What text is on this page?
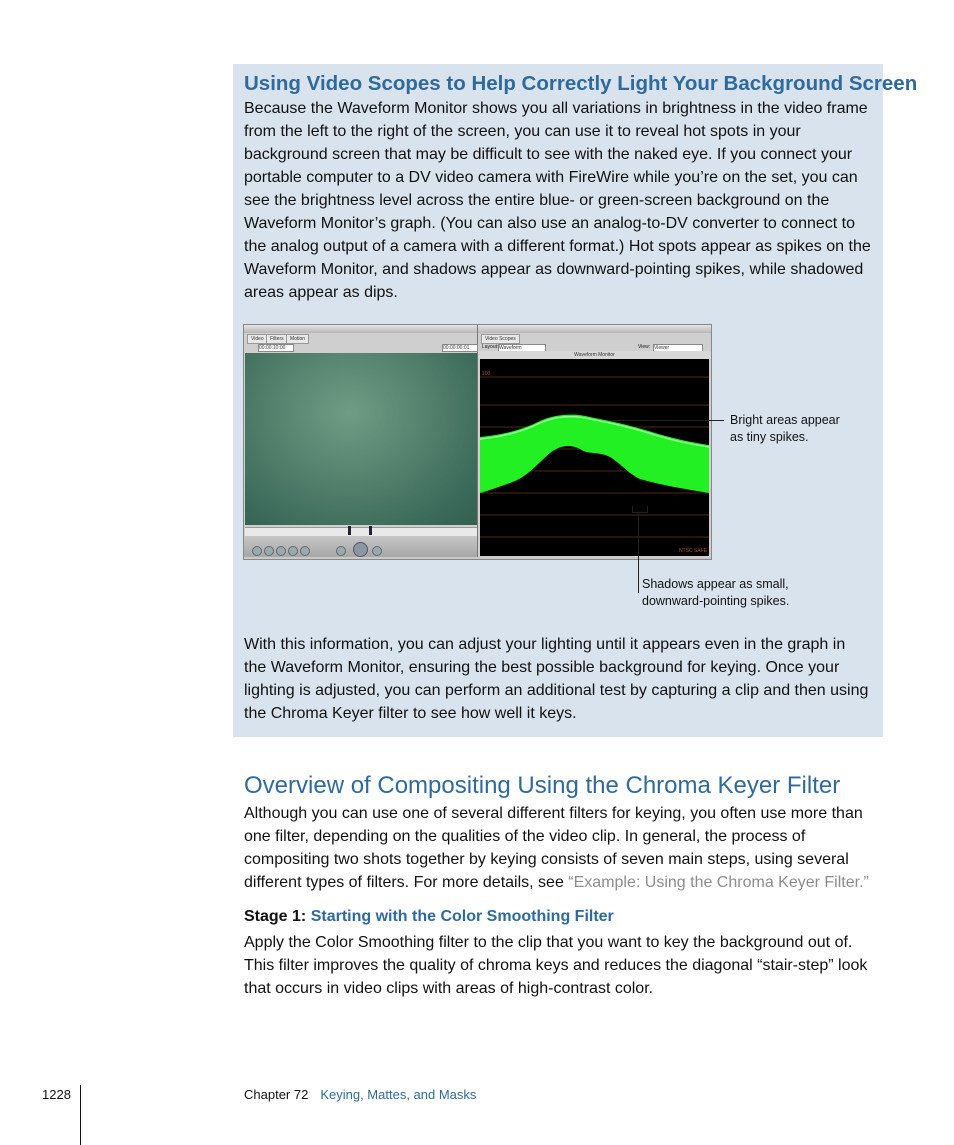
Using Video Scopes to Help Correctly Light Your Background Screen

Because the Waveform Monitor shows you all variations in brightness in the video frame
from the left to the right of the screen, you can use it to reveal hot spots in your
background screen that may be difficult to see with the naked eye. If you connect your
portable computer to a DV video camera with FireWire while you’re on the set, you can
see the brightness level across the entire blue- or green-screen background on the
Waveform Monitor’s graph. (You can also use an analog-to-DV converter to connect to
the analog output of a camera with a different format.) Hot spots appear as spikes on the
Waveform Monitor, and shadows appear as downward-pointing spikes, while shadowed
areas appear as dips.

Video	Filters	Motion
00:00:10:00	00:00:00:01
Video Scopes
Layout: Waveform	View: Viewer
Waveform Monitor
100
NTSC SAFE
Bright areas appear
as tiny spikes.
Shadows appear as small,
downward-pointing spikes.

With this information, you can adjust your lighting until it appears even in the graph in
the Waveform Monitor, ensuring the best possible background for keying. Once your
lighting is adjusted, you can perform an additional test by capturing a clip and then using
the Chroma Keyer filter to see how well it keys.

Overview of Compositing Using the Chroma Keyer Filter

Although you can use one of several different filters for keying, you often use more than
one filter, depending on the qualities of the video clip. In general, the process of
compositing two shots together by keying consists of seven main steps, using several
different types of filters. For more details, see “Example: Using the Chroma Keyer Filter.”

Stage 1: Starting with the Color Smoothing Filter

Apply the Color Smoothing filter to the clip that you want to key the background out of.
This filter improves the quality of chroma keys and reduces the diagonal “stair-step” look
that occurs in video clips with areas of high-contrast color.

1228	Chapter 72 Keying, Mattes, and Masks
